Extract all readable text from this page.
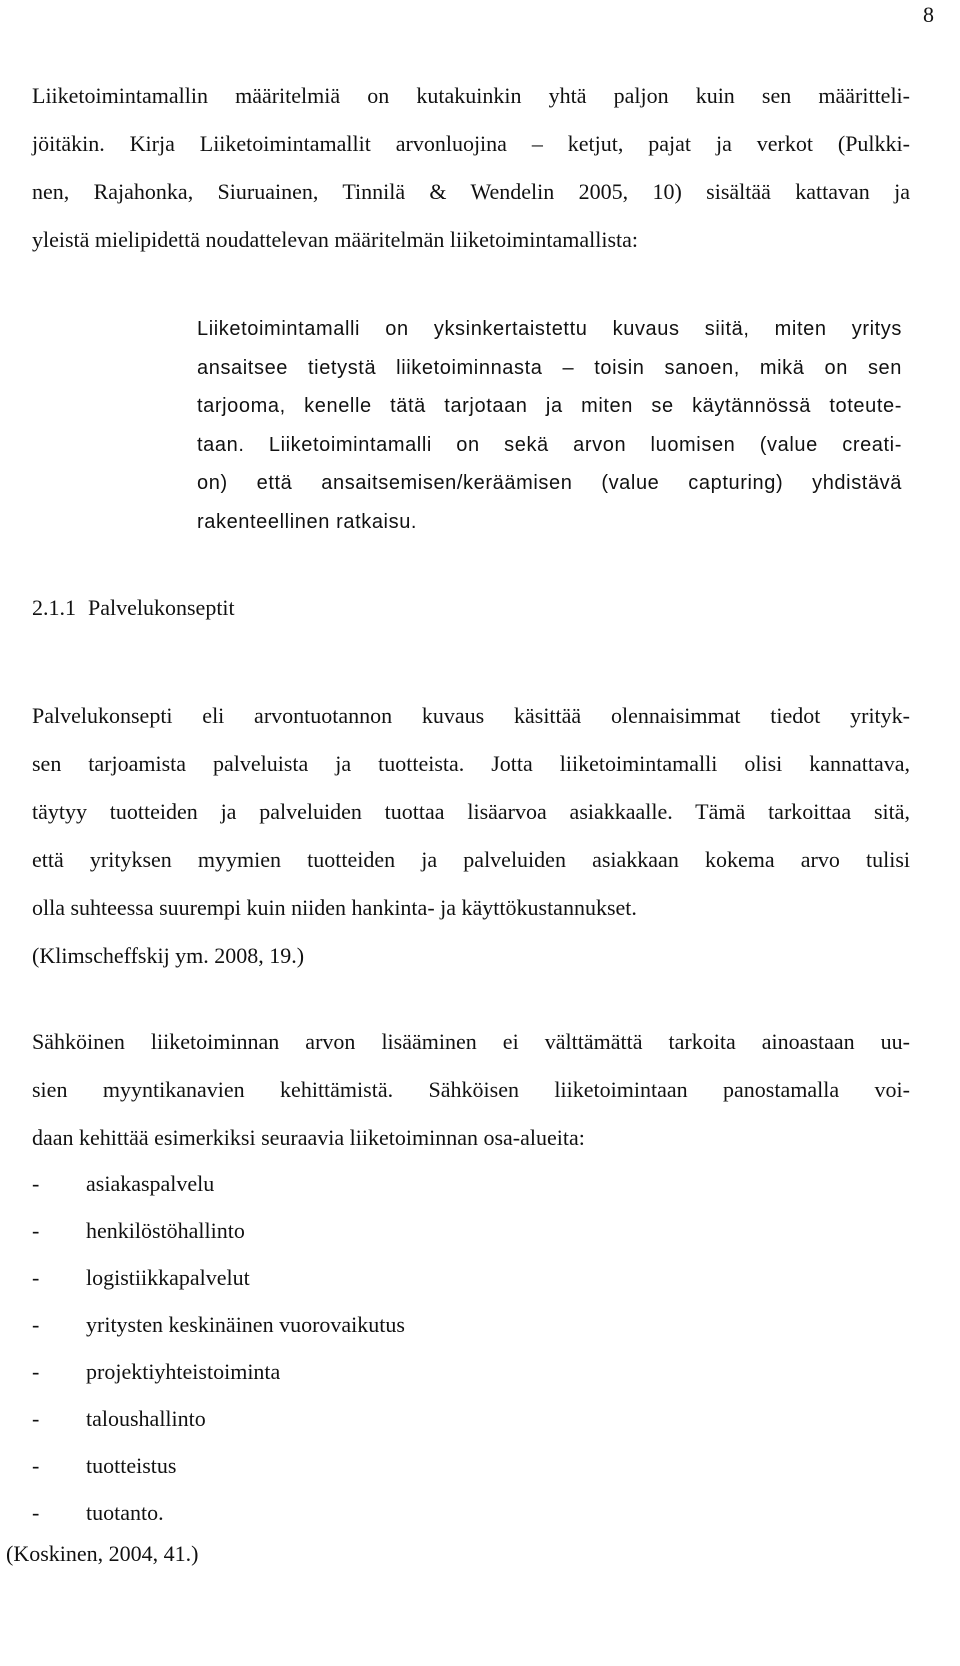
8

Liiketoimintamallin määritelmiä on kutakuinkin yhtä paljon kuin sen määritteli-
jöitäkin. Kirja Liiketoimintamallit arvonluojina – ketjut, pajat ja verkot (Pulkki-
nen, Rajahonka, Siuruainen, Tinnilä & Wendelin 2005, 10) sisältää kattavan ja
yleistä mielipidettä noudattelevan määritelmän liiketoimintamallista:

Liiketoimintamalli on yksinkertaistettu kuvaus siitä, miten yritys
ansaitsee tietystä liiketoiminnasta – toisin sanoen, mikä on sen
tarjooma, kenelle tätä tarjotaan ja miten se käytännössä toteute-
taan. Liiketoimintamalli on sekä arvon luomisen (value creati-
on) että ansaitsemisen/keräämisen (value capturing) yhdistävä
rakenteellinen ratkaisu.

2.1.1 Palvelukonseptit

Palvelukonsepti eli arvontuotannon kuvaus käsittää olennaisimmat tiedot yrityk-
sen tarjoamista palveluista ja tuotteista. Jotta liiketoimintamalli olisi kannattava,
täytyy tuotteiden ja palveluiden tuottaa lisäarvoa asiakkaalle. Tämä tarkoittaa sitä,
että yrityksen myymien tuotteiden ja palveluiden asiakkaan kokema arvo tulisi
olla suhteessa suurempi kuin niiden hankinta- ja käyttökustannukset.
(Klimscheffskij ym. 2008, 19.)

Sähköinen liiketoiminnan arvon lisääminen ei välttämättä tarkoita ainoastaan uu-
sien myyntikanavien kehittämistä. Sähköisen liiketoimintaan panostamalla voi-
daan kehittää esimerkiksi seuraavia liiketoiminnan osa-alueita:

- asiakaspalvelu
- henkilöstöhallinto
- logistiikkapalvelut
- yritysten keskinäinen vuorovaikutus
- projektiyhteistoiminta
- taloushallinto
- tuotteistus
- tuotanto.

(Koskinen, 2004, 41.)
